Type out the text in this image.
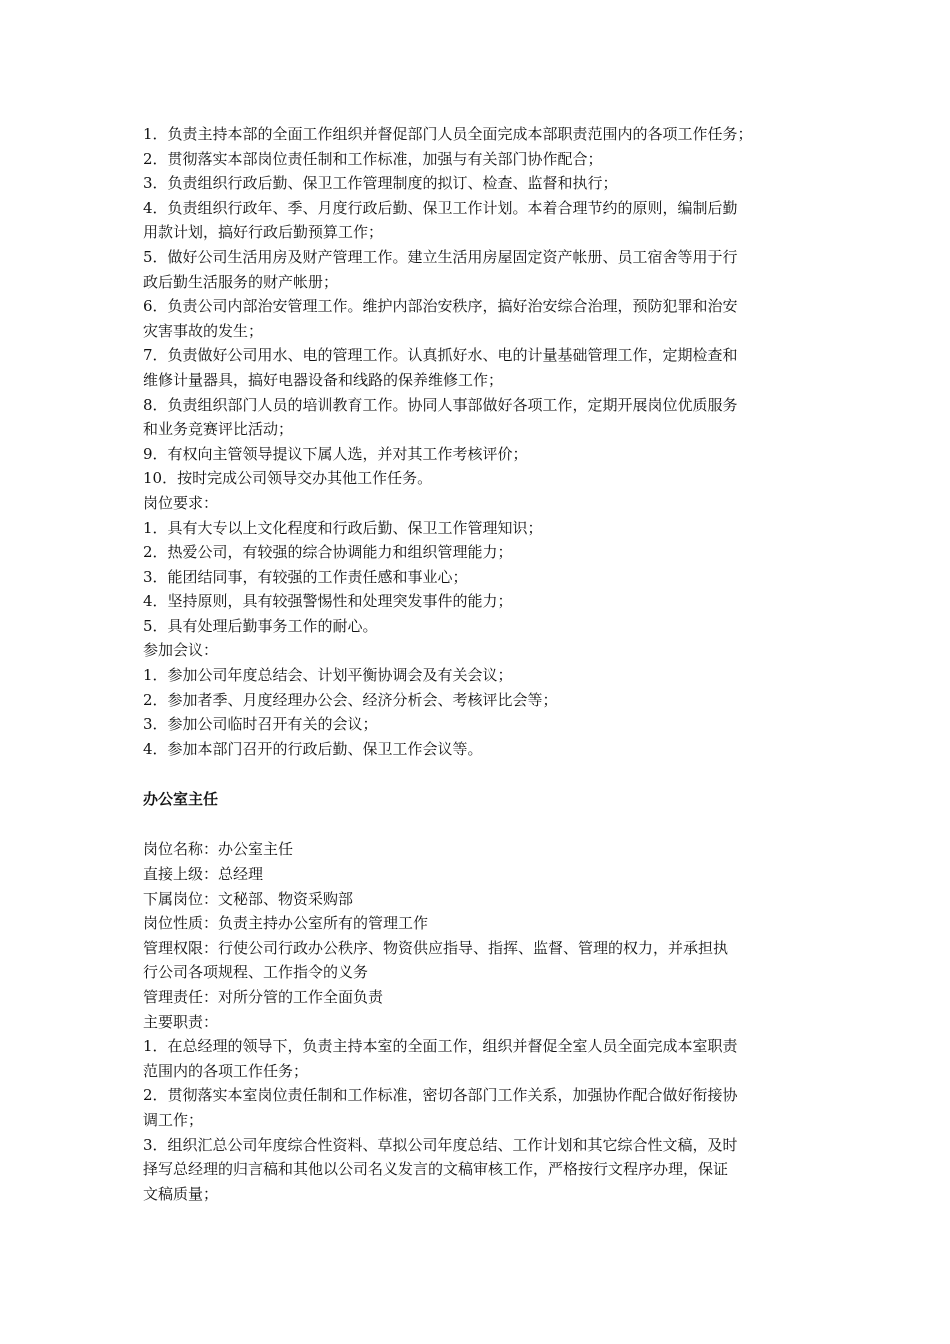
1．负责主持本部的全面工作组织并督促部门人员全面完成本部职责范围内的各项工作任务；

2．贯彻落实本部岗位责任制和工作标准，加强与有关部门协作配合；

3．负责组织行政后勤、保卫工作管理制度的拟订、检查、监督和执行；

4．负责组织行政年、季、月度行政后勤、保卫工作计划。本着合理节约的原则，编制后勤

用款计划，搞好行政后勤预算工作；

5．做好公司生活用房及财产管理工作。建立生活用房屋固定资产帐册、员工宿舍等用于行

政后勤生活服务的财产帐册；

6．负责公司内部治安管理工作。维护内部治安秩序，搞好治安综合治理，预防犯罪和治安

灾害事故的发生；

7．负责做好公司用水、电的管理工作。认真抓好水、电的计量基础管理工作，定期检查和

维修计量器具，搞好电器设备和线路的保养维修工作；

8．负责组织部门人员的培训教育工作。协同人事部做好各项工作，定期开展岗位优质服务

和业务竞赛评比活动；

9．有权向主管领导提议下属人选，并对其工作考核评价；

10．按时完成公司领导交办其他工作任务。

岗位要求：

1．具有大专以上文化程度和行政后勤、保卫工作管理知识；

2．热爱公司，有较强的综合协调能力和组织管理能力；

3．能团结同事，有较强的工作责任感和事业心；

4．坚持原则，具有较强警惕性和处理突发事件的能力；

5．具有处理后勤事务工作的耐心。

参加会议：

1．参加公司年度总结会、计划平衡协调会及有关会议；

2．参加者季、月度经理办公会、经济分析会、考核评比会等；

3．参加公司临时召开有关的会议；

4．参加本部门召开的行政后勤、保卫工作会议等。

办公室主任

岗位名称：办公室主任

直接上级：总经理

下属岗位：文秘部、物资采购部

岗位性质：负责主持办公室所有的管理工作

管理权限：行使公司行政办公秩序、物资供应指导、指挥、监督、管理的权力，并承担执

行公司各项规程、工作指令的义务

管理责任：对所分管的工作全面负责

主要职责：

1．在总经理的领导下，负责主持本室的全面工作，组织并督促全室人员全面完成本室职责

范围内的各项工作任务；

2．贯彻落实本室岗位责任制和工作标准，密切各部门工作关系，加强协作配合做好衔接协

调工作；

3．组织汇总公司年度综合性资料、草拟公司年度总结、工作计划和其它综合性文稿，及时

择写总经理的归言稿和其他以公司名义发言的文稿审核工作，严格按行文程序办理，保证

文稿质量；
